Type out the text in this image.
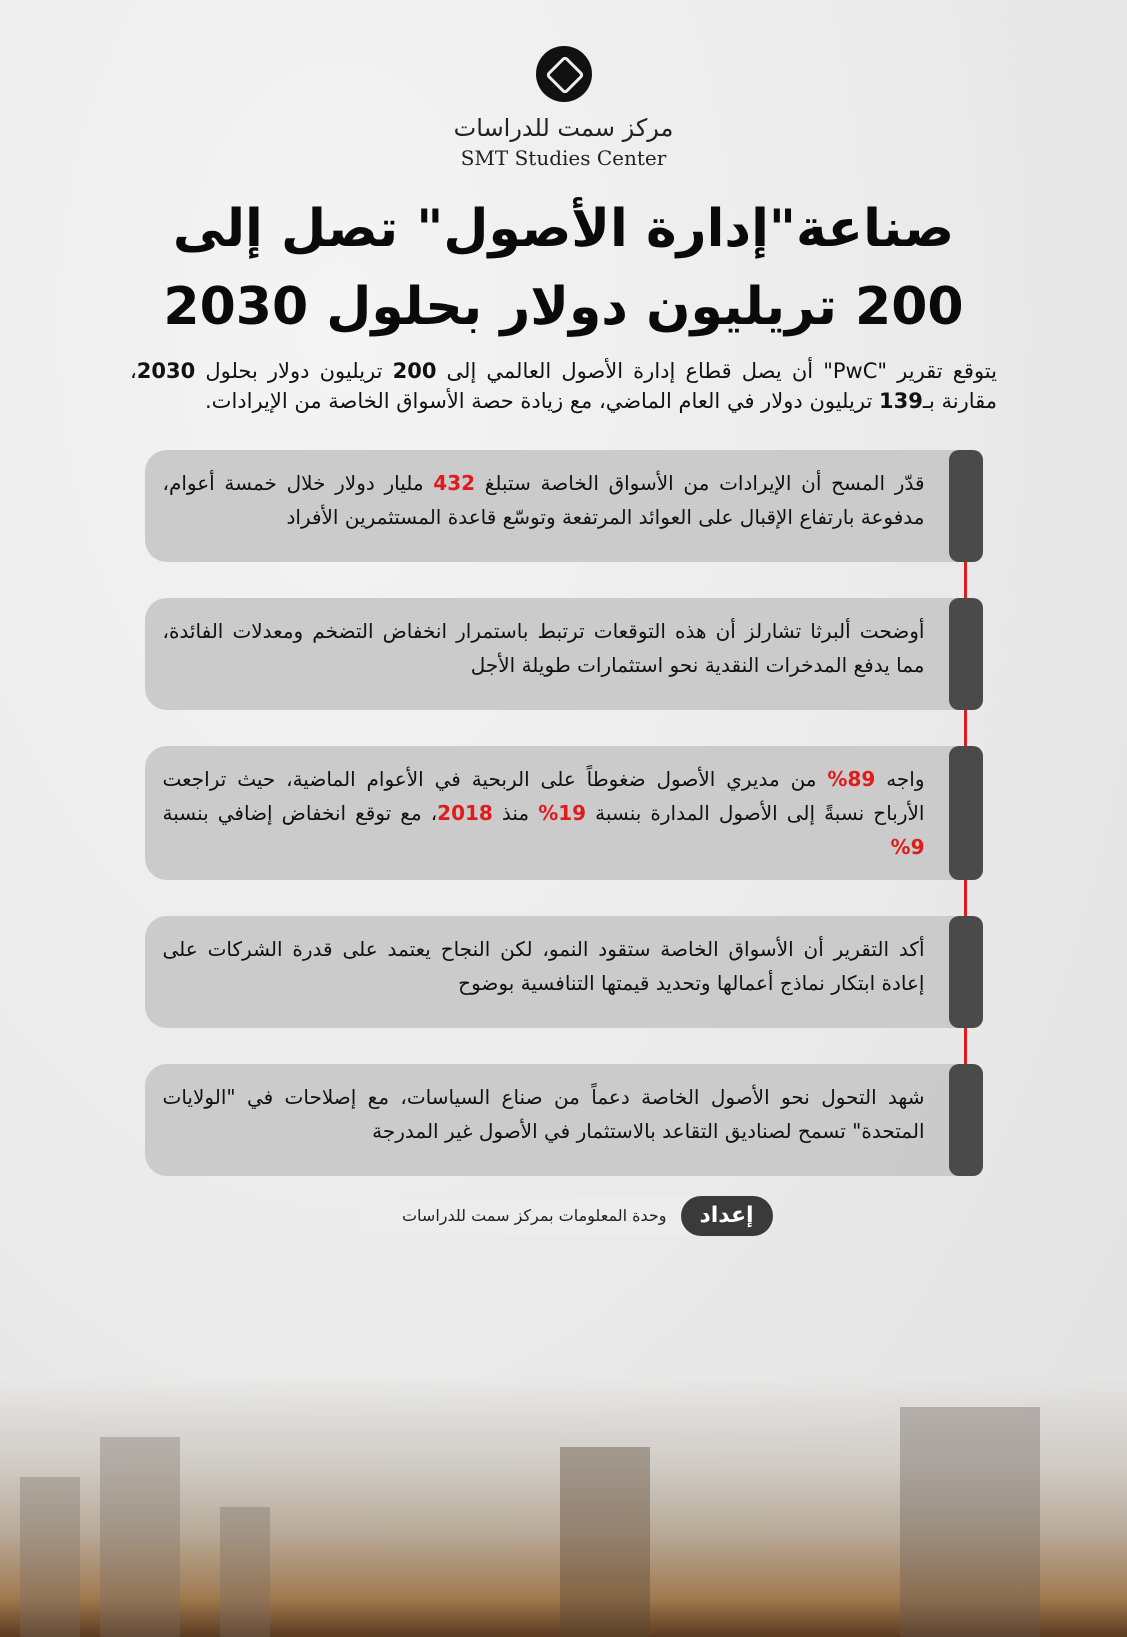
مركز سمت للدراسات
SMT Studies Center
صناعة"إدارة الأصول" تصل إلى
200 تريليون دولار بحلول 2030
يتوقع تقرير "PwC" أن يصل قطاع إدارة الأصول العالمي إلى 200 تريليون دولار بحلول 2030، مقارنة بـ139 تريليون دولار في العام الماضي، مع زيادة حصة الأسواق الخاصة من الإيرادات.
قدّر المسح أن الإيرادات من الأسواق الخاصة ستبلغ 432 مليار دولار خلال خمسة أعوام، مدفوعة بارتفاع الإقبال على العوائد المرتفعة وتوسّع قاعدة المستثمرين الأفراد
أوضحت ألبرثا تشارلز أن هذه التوقعات ترتبط باستمرار انخفاض التضخم ومعدلات الفائدة، مما يدفع المدخرات النقدية نحو استثمارات طويلة الأجل
واجه 89% من مديري الأصول ضغوطاً على الربحية في الأعوام الماضية، حيث تراجعت الأرباح نسبةً إلى الأصول المدارة بنسبة 19% منذ 2018، مع توقع انخفاض إضافي بنسبة 9%
أكد التقرير أن الأسواق الخاصة ستقود النمو، لكن النجاح يعتمد على قدرة الشركات على إعادة ابتكار نماذج أعمالها وتحديد قيمتها التنافسية بوضوح
شهد التحول نحو الأصول الخاصة دعماً من صناع السياسات، مع إصلاحات في "الولايات المتحدة" تسمح لصناديق التقاعد بالاستثمار في الأصول غير المدرجة
إعداد
وحدة المعلومات بمركز سمت للدراسات
